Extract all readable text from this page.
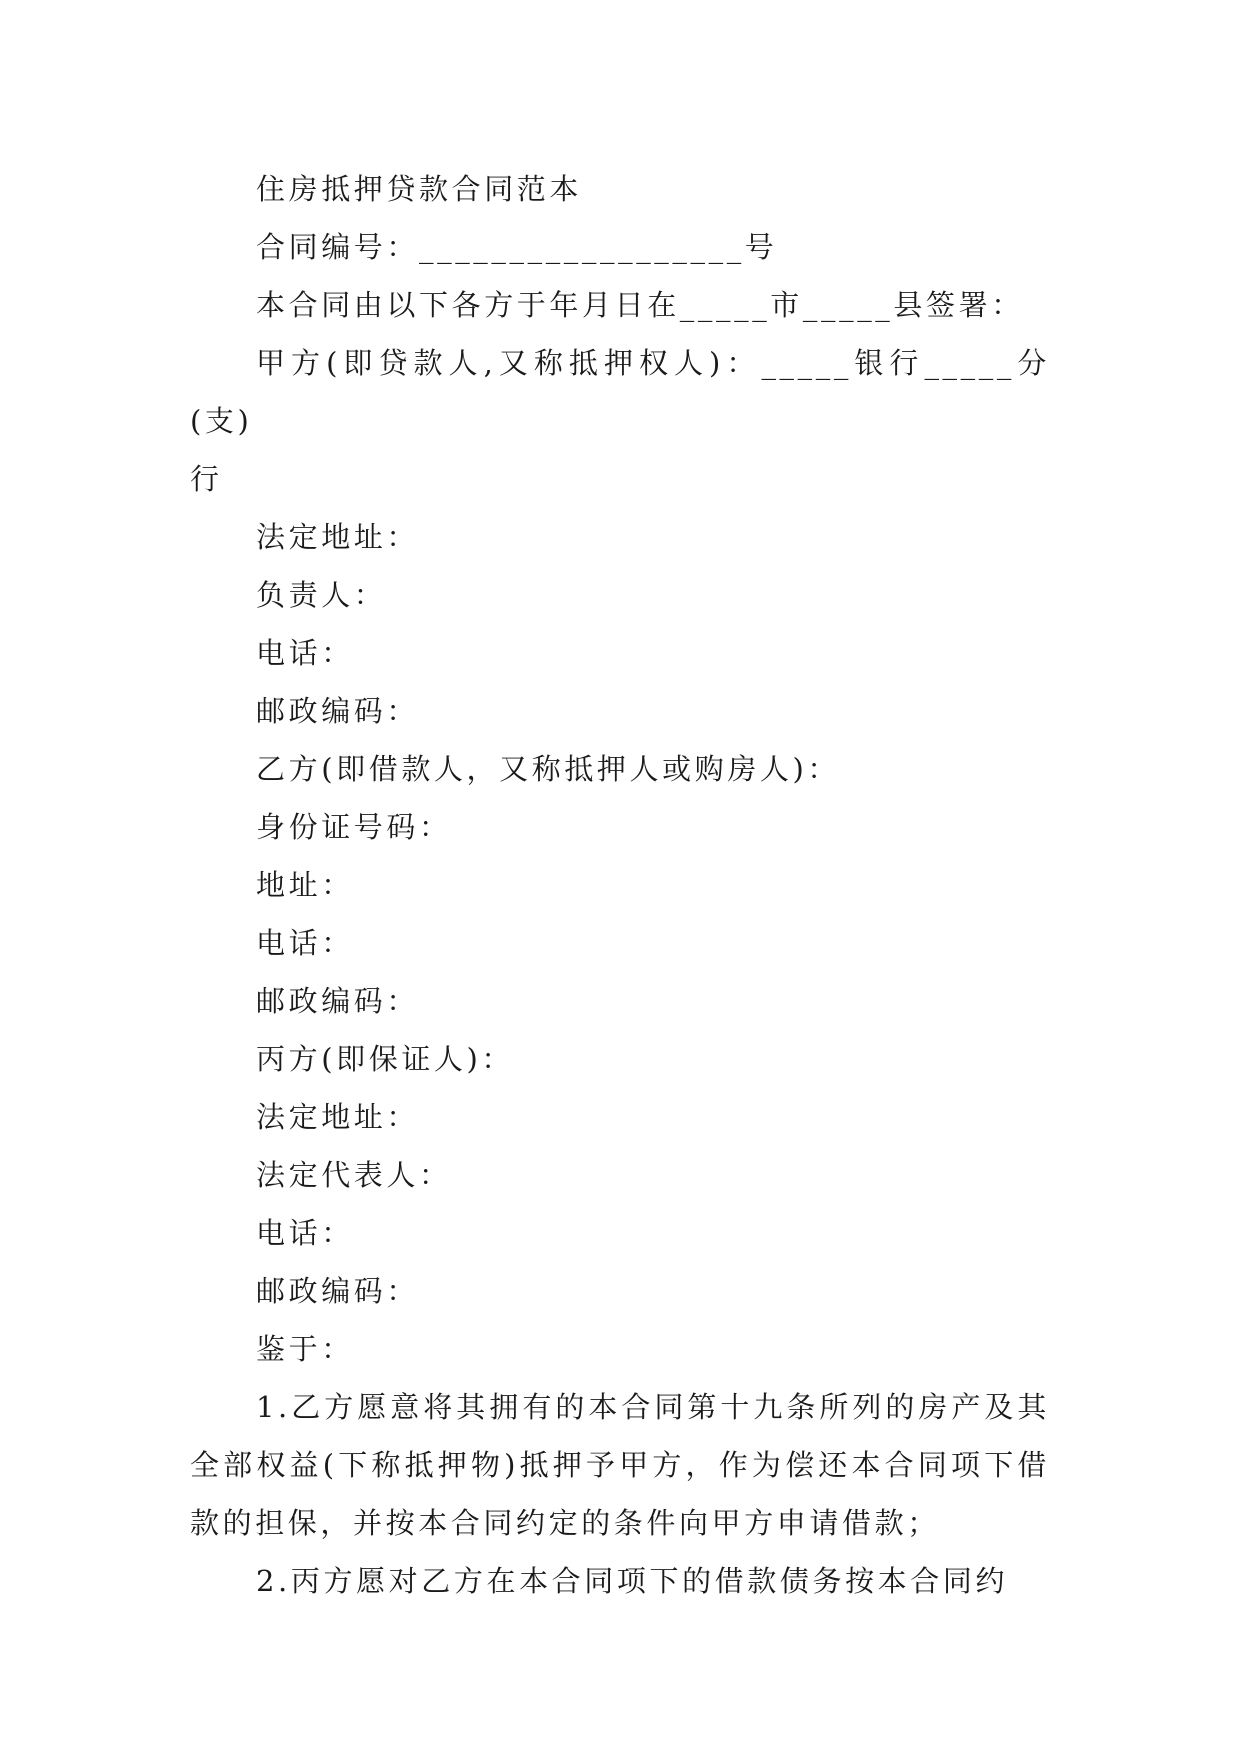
住房抵押贷款合同范本

合同编号：__________________号

本合同由以下各方于年月日在_____市_____县签署：

甲方(即贷款人,又称抵押权人)：_____银行_____分(支)

行

法定地址：

负责人：

电话：

邮政编码：

乙方(即借款人，又称抵押人或购房人)：

身份证号码：

地址：

电话：

邮政编码：

丙方(即保证人)：

法定地址：

法定代表人：

电话：

邮政编码：

鉴于：

1.乙方愿意将其拥有的本合同第十九条所列的房产及其全部权益(下称抵押物)抵押予甲方，作为偿还本合同项下借款的担保，并按本合同约定的条件向甲方申请借款；

2.丙方愿对乙方在本合同项下的借款债务按本合同约
